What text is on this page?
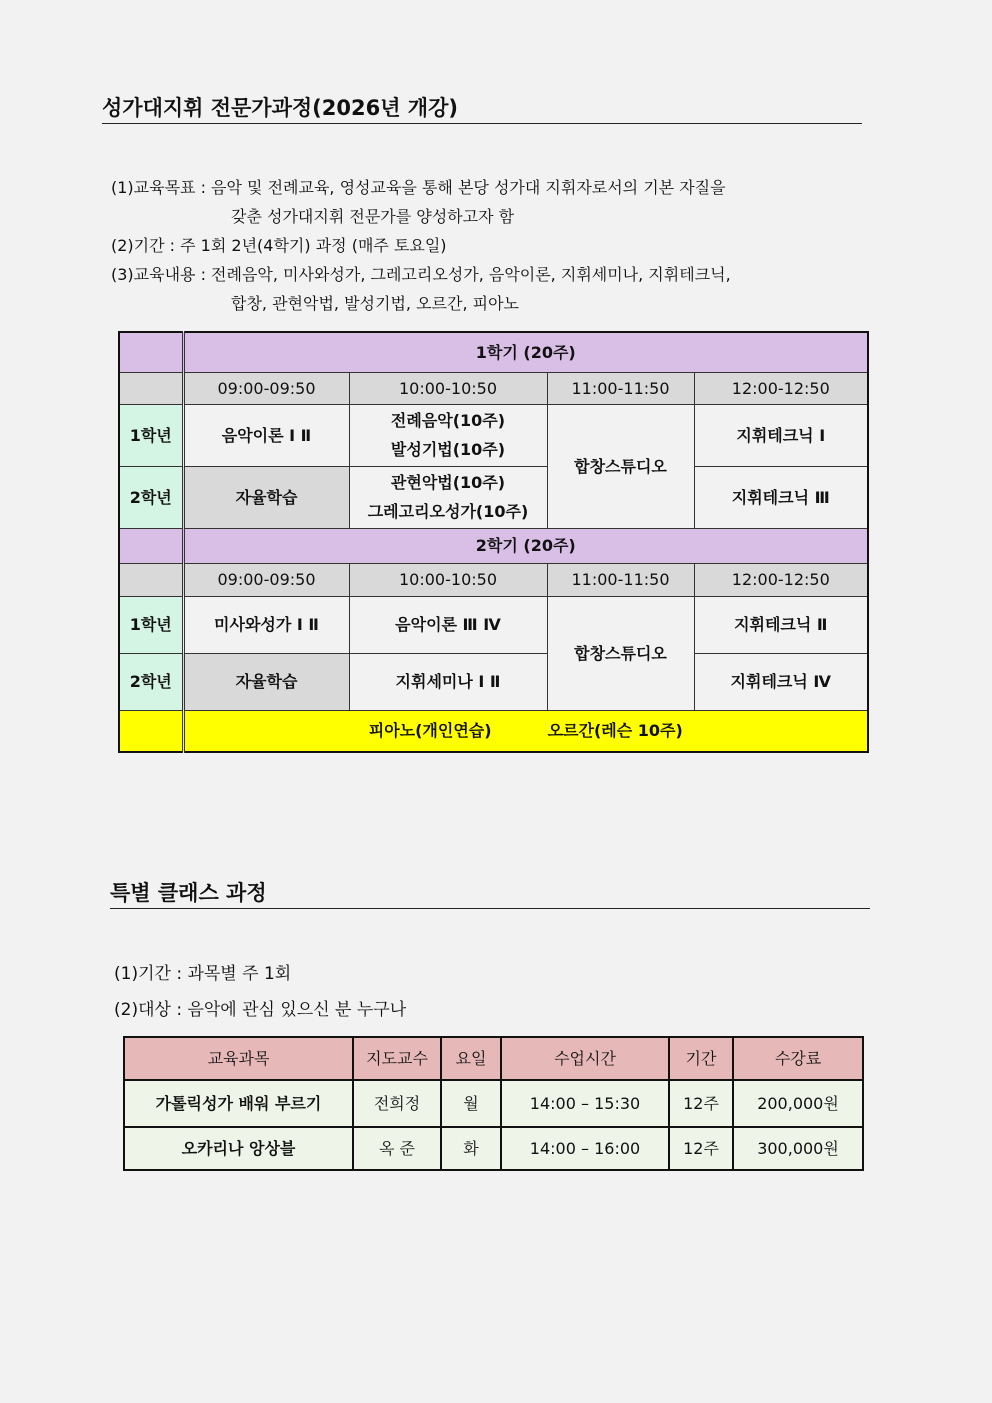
성가대지휘 전문가과정(2026년 개강)
(1)교육목표 : 음악 및 전례교육, 영성교육을 통해 본당 성가대 지휘자로서의 기본 자질을
갖춘 성가대지휘 전문가를 양성하고자 함
(2)기간 : 주 1회 2년(4학기) 과정 (매주 토요일)
(3)교육내용 : 전례음악, 미사와성가, 그레고리오성가, 음악이론, 지휘세미나, 지휘테크닉,
합창, 관현악법, 발성기법, 오르간, 피아노
	1학기 (20주)			
	09:00-09:50	10:00-10:50	11:00-11:50	12:00-12:50
1학년	음악이론 Ⅰ Ⅱ	전례음악(10주)
발성기법(10주)	합창스튜디오	지휘테크닉 Ⅰ
2학년	자율학습	관현악법(10주)
그레고리오성가(10주)		지휘테크닉 Ⅲ
	2학기 (20주)			
	09:00-09:50	10:00-10:50	11:00-11:50	12:00-12:50
1학년	미사와성가 Ⅰ Ⅱ	음악이론 Ⅲ Ⅳ	합창스튜디오	지휘테크닉 Ⅱ
2학년	자율학습	지휘세미나 Ⅰ Ⅱ		지휘테크닉 Ⅳ
	피아노(개인연습) 오르간(레슨 10주)			
특별 클래스 과정
(1)기간 : 과목별 주 1회
(2)대상 : 음악에 관심 있으신 분 누구나
교육과목	지도교수	요일	수업시간	기간	수강료
가톨릭성가 배워 부르기	전희정	월	14:00 – 15:30	12주	200,000원
오카리나 앙상블	옥 준	화	14:00 – 16:00	12주	300,000원
